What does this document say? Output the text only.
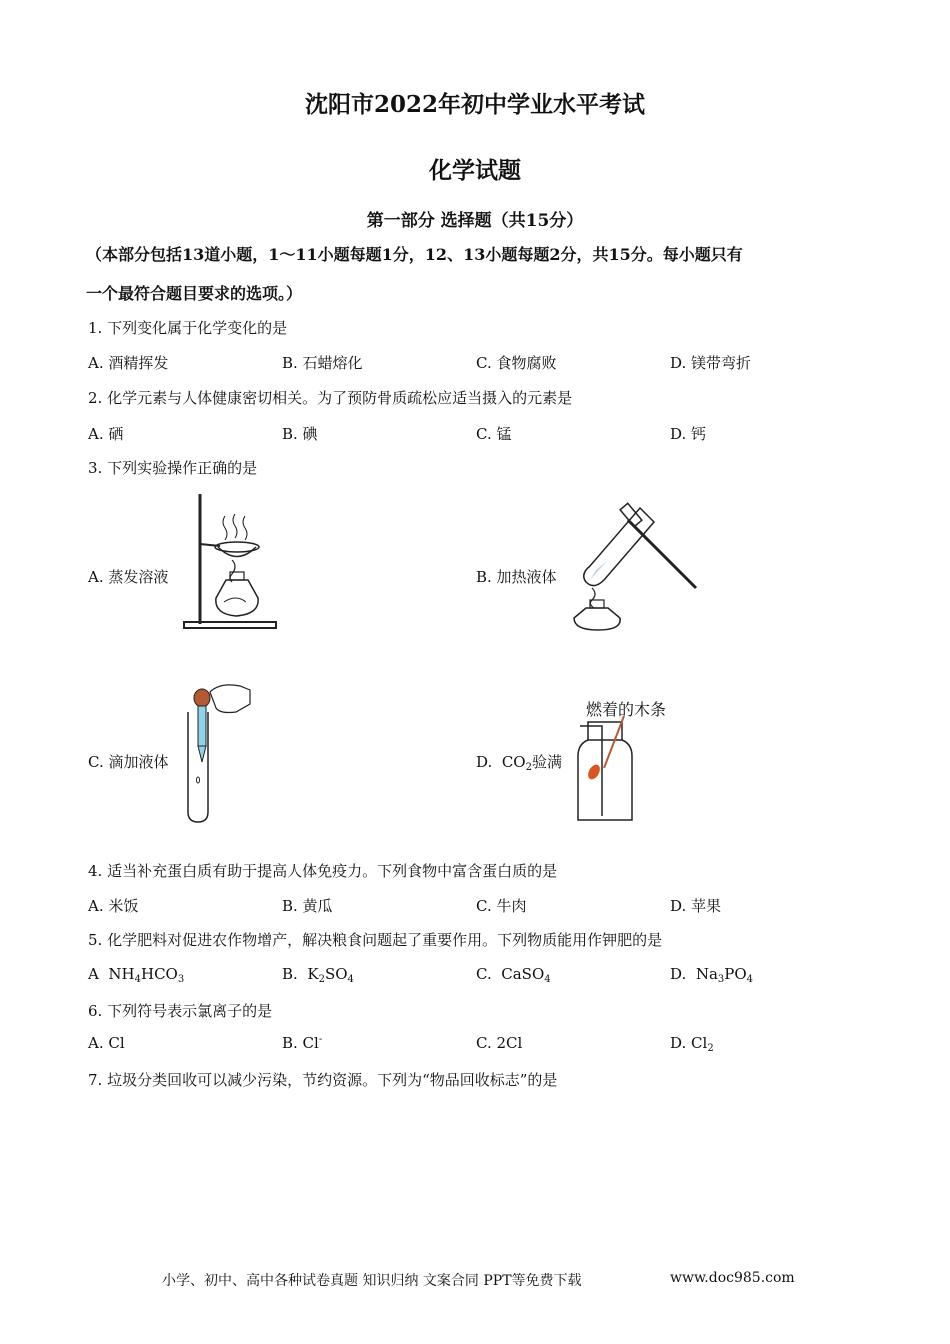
沈阳市2022年初中学业水平考试
化学试题
第一部分 选择题（共15分）
（本部分包括13道小题，1～11小题每题1分，12、13小题每题2分，共15分。每小题只有
一个最符合题目要求的选项。）
1. 下列变化属于化学变化的是
A. 酒精挥发	B. 石蜡熔化	C. 食物腐败	D. 镁带弯折
2. 化学元素与人体健康密切相关。为了预防骨质疏松应适当摄入的元素是
A. 硒	B. 碘	C. 锰	D. 钙
3. 下列实验操作正确的是
A. 蒸发溶液	B. 加热液体
C. 滴加液体	D. $CO_2$验满
燃着的木条
4. 适当补充蛋白质有助于提高人体免疫力。下列食物中富含蛋白质的是
A. 米饭	B. 黄瓜	C. 牛肉	D. 苹果
5. 化学肥料对促进农作物增产，解决粮食问题起了重要作用。下列物质能用作钾肥的是
A $NH_4HCO_3$	B. $K_2SO_4$	C. CaSO$_4$	D. $Na_3PO_4$
6. 下列符号表示氯离子的是
A. Cl	B. Cl-	C. 2Cl	D. $Cl_2$
7. 垃圾分类回收可以减少污染，节约资源。下列为“物品回收标志”的是
小学、初中、高中各种试卷真题 知识归纳 文案合同 PPT等免费下载	www.doc985.com
